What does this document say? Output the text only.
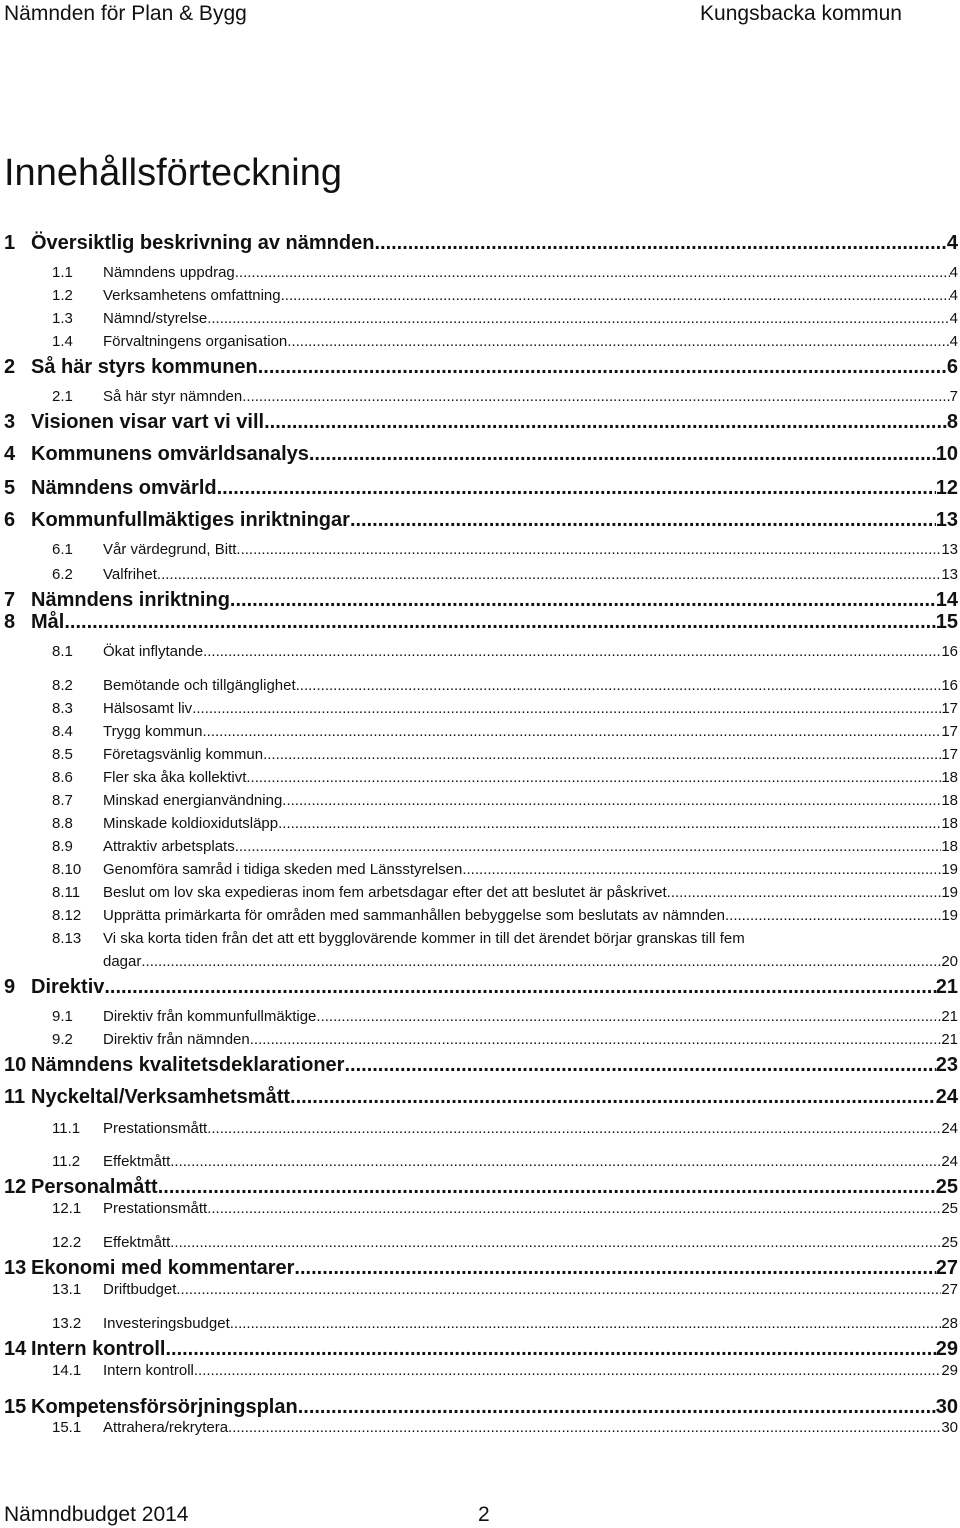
Nämnden för Plan & Bygg	Kungsbacka kommun
Innehållsförteckning
1 Översiktlig beskrivning av nämnden .....	4
1.1 Nämndens uppdrag .....	4
1.2 Verksamhetens omfattning .....	4
1.3 Nämnd/styrelse .....	4
1.4 Förvaltningens organisation .....	4
2 Så här styrs kommunen .....	6
2.1 Så här styr nämnden .....	7
3 Visionen visar vart vi vill .....	8
4 Kommunens omvärldsanalys .....	10
5 Nämndens omvärld .....	12
6 Kommunfullmäktiges inriktningar .....	13
6.1 Vår värdegrund, Bitt .....	13
6.2 Valfrihet .....	13
7 Nämndens inriktning .....	14
8 Mål .....	15
8.1 Ökat inflytande .....	16
8.2 Bemötande och tillgänglighet .....	16
8.3 Hälsosamt liv .....	17
8.4 Trygg kommun .....	17
8.5 Företagsvänlig kommun .....	17
8.6 Fler ska åka kollektivt .....	18
8.7 Minskad energianvändning .....	18
8.8 Minskade koldioxidutsläpp .....	18
8.9 Attraktiv arbetsplats .....	18
8.10 Genomföra samråd i tidiga skeden med Länsstyrelsen. .....	19
8.11 Beslut om lov ska expedieras inom fem arbetsdagar efter det att beslutet är påskrivet .....	19
8.12 Upprätta primärkarta för områden med sammanhållen bebyggelse som beslutats av nämnden .....	19
8.13 Vi ska korta tiden från det att ett bygglovärende kommer in till det ärendet börjar granskas till fem
dagar .....	20
9 Direktiv .....	21
9.1 Direktiv från kommunfullmäktige .....	21
9.2 Direktiv från nämnden .....	21
10 Nämndens kvalitetsdeklarationer .....	23
11 Nyckeltal/Verksamhetsmått .....	24
11.1 Prestationsmått .....	24
11.2 Effektmått .....	24
12 Personalmått .....	25
12.1 Prestationsmått .....	25
12.2 Effektmått .....	25
13 Ekonomi med kommentarer .....	27
13.1 Driftbudget .....	27
13.2 Investeringsbudget .....	28
14 Intern kontroll .....	29
14.1 Intern kontroll .....	29
15 Kompetensförsörjningsplan .....	30
15.1 Attrahera/rekrytera .....	30
Nämndbudget 2014	2
